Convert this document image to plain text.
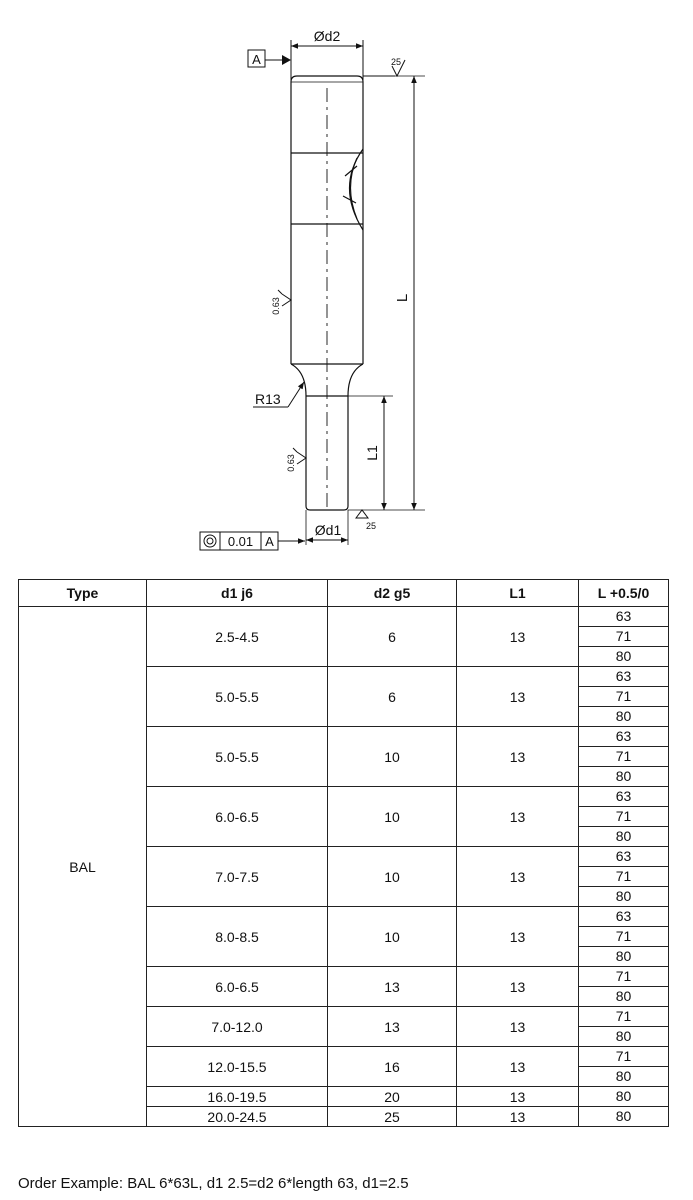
Ød2
A	25
L
L1
R13
0.63
0.63
25
Ød1
0.01 A
Type	d1 j6	d2 g5	L1	L +0.5/0
BAL	2.5-4.5	6	13	63
71
80

	5.0-5.5	6	13	63
71
80

	5.0-5.5	10	13	63
71
80

	6.0-6.5	10	13	63
71
80

	7.0-7.5	10	13	63
71
80

	8.0-8.5	10	13	63
71
80

	6.0-6.5	13	13	71
80

	7.0-12.0	13	13	71
80

	12.0-15.5	16	13	71
80

	16.0-19.5	20	13	80

	20.0-24.5	25	13	80
Order Example: BAL 6*63L, d1 2.5=d2 6*length 63, d1=2.5
